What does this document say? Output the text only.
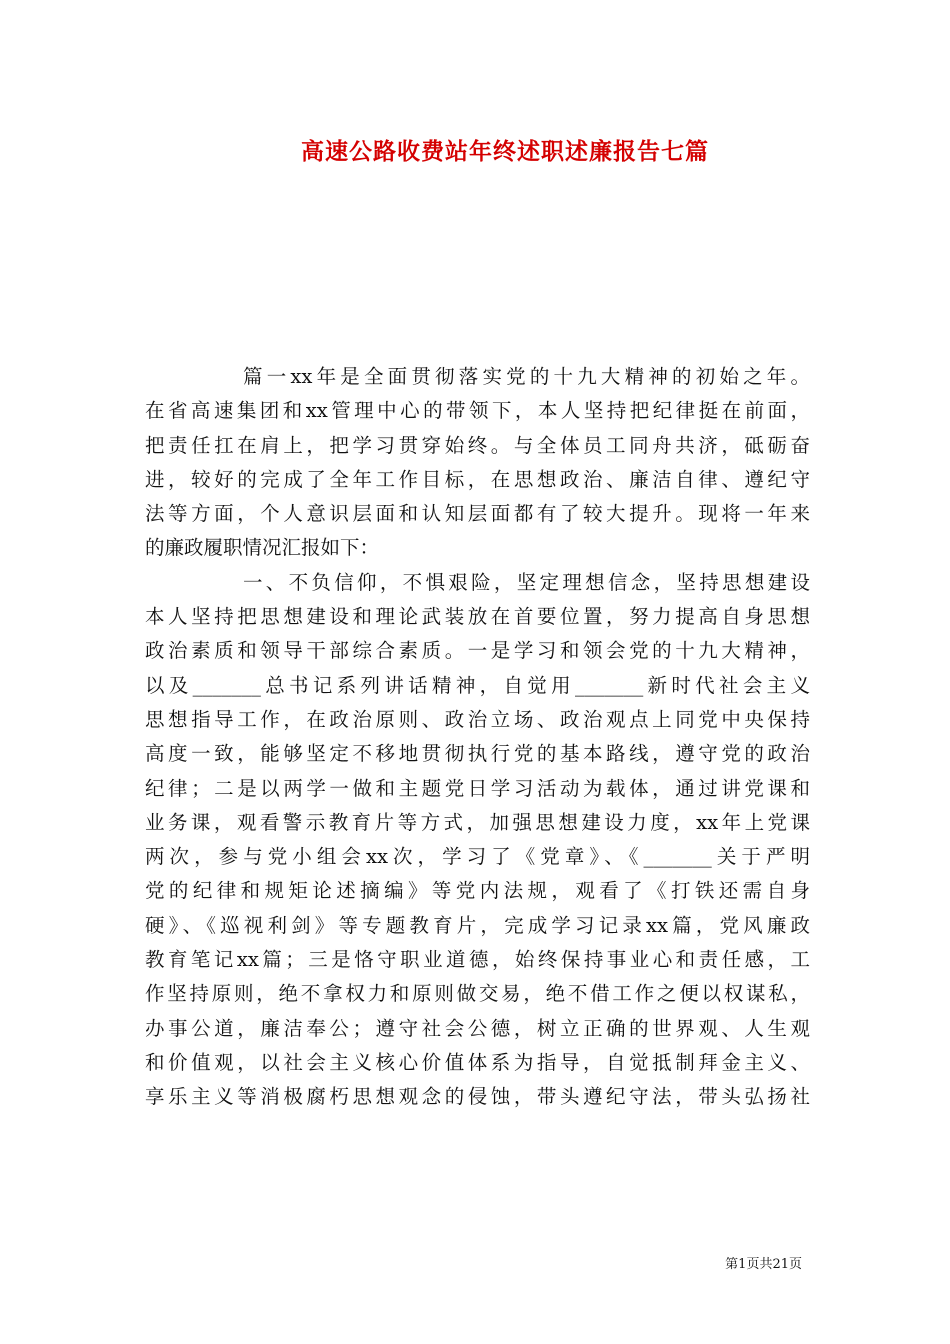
高速公路收费站年终述职述廉报告七篇
篇一xx年是全面贯彻落实党的十九大精神的初始之年。
在省高速集团和xx管理中心的带领下，本人坚持把纪律挺在前面，
把责任扛在肩上，把学习贯穿始终。与全体员工同舟共济，砥砺奋
进，较好的完成了全年工作目标，在思想政治、廉洁自律、遵纪守
法等方面，个人意识层面和认知层面都有了较大提升。现将一年来
的廉政履职情况汇报如下：
一、不负信仰，不惧艰险，坚定理想信念，坚持思想建设
本人坚持把思想建设和理论武装放在首要位置，努力提高自身思想
政治素质和领导干部综合素质。一是学习和领会党的十九大精神，
以及_______总书记系列讲话精神，自觉用_______新时代社会主义
思想指导工作，在政治原则、政治立场、政治观点上同党中央保持
高度一致，能够坚定不移地贯彻执行党的基本路线，遵守党的政治
纪律；二是以两学一做和主题党日学习活动为载体，通过讲党课和
业务课，观看警示教育片等方式，加强思想建设力度，xx年上党课
两次，参与党小组会xx次，学习了《党章》、《_______关于严明
党的纪律和规矩论述摘编》等党内法规，观看了《打铁还需自身
硬》、《巡视利剑》等专题教育片，完成学习记录xx篇，党风廉政
教育笔记xx篇；三是恪守职业道德，始终保持事业心和责任感，工
作坚持原则，绝不拿权力和原则做交易，绝不借工作之便以权谋私，
办事公道，廉洁奉公；遵守社会公德，树立正确的世界观、人生观
和价值观，以社会主义核心价值体系为指导，自觉抵制拜金主义、
享乐主义等消极腐朽思想观念的侵蚀，带头遵纪守法，带头弘扬社
第1页共21页
